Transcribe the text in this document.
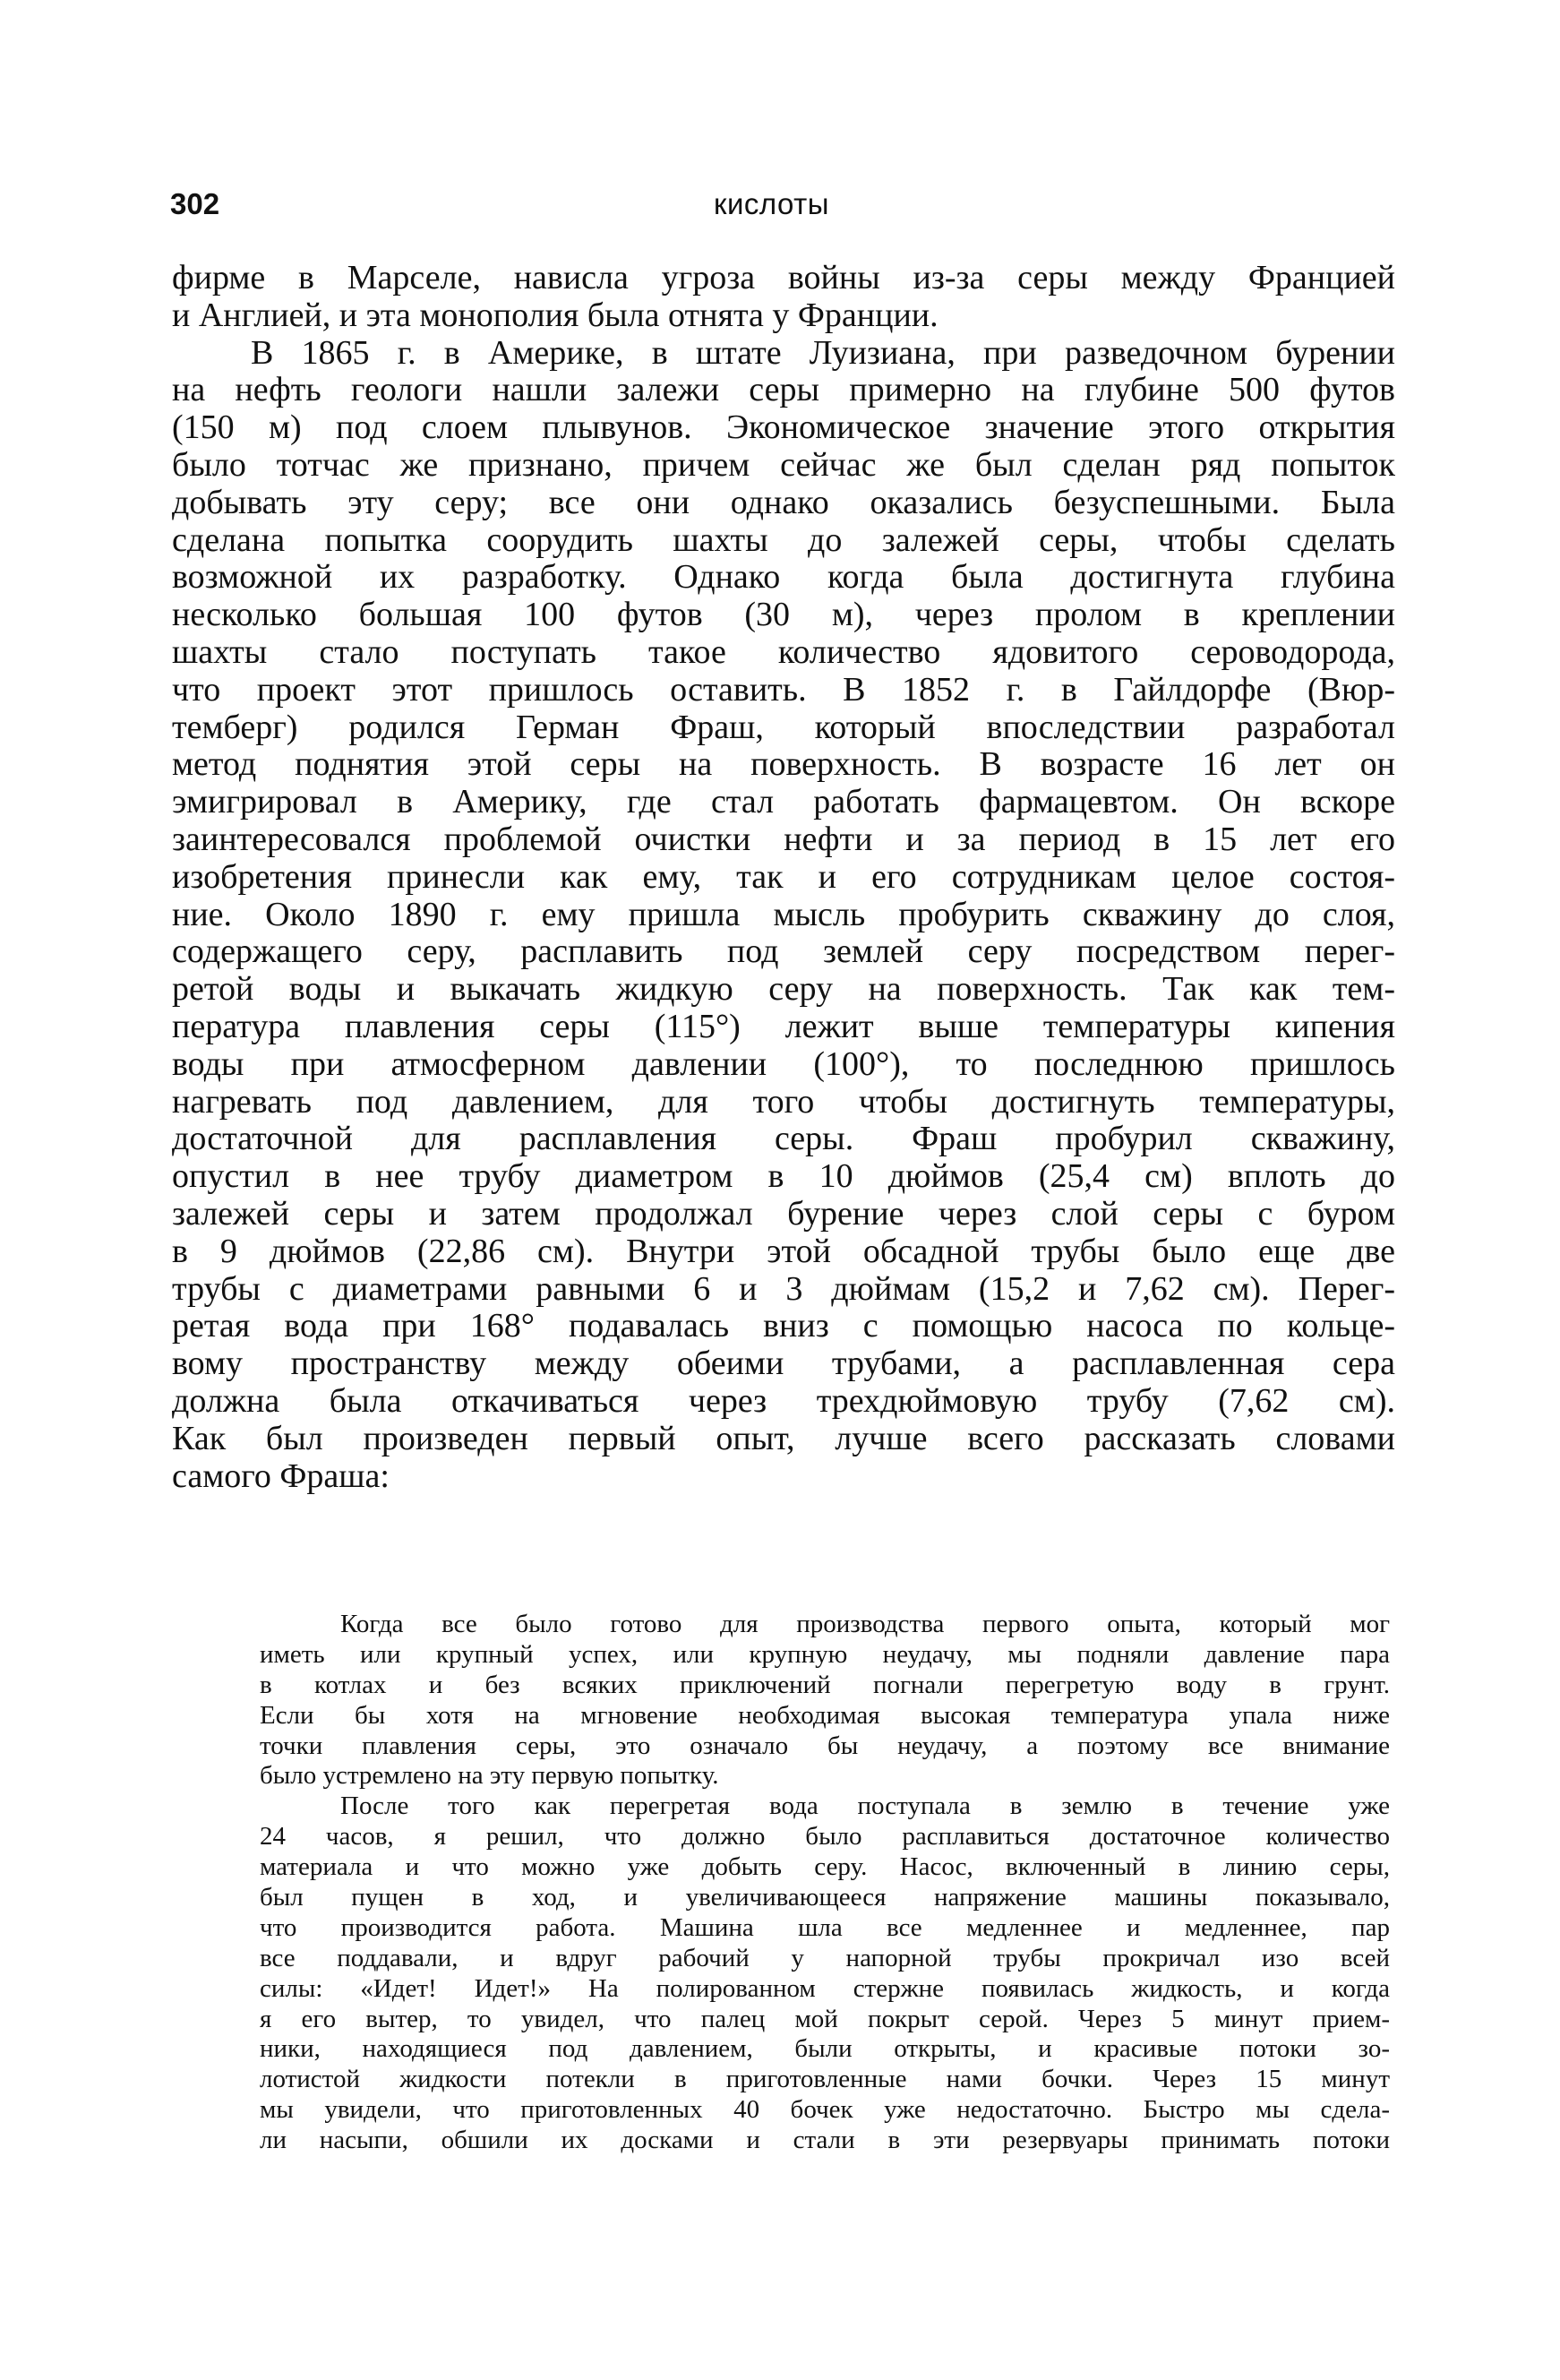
302	кислоты
фирме в Марселе, нависла угроза войны из-за серы между Францией
и Англией, и эта монополия была отнята у Франции.
В 1865 г. в Америке, в штате Луизиана, при разведочном бурении
на нефть геологи нашли залежи серы примерно на глубине 500 футов
(150 м) под слоем плывунов. Экономическое значение этого открытия
было тотчас же признано, причем сейчас же был сделан ряд попыток
добывать эту серу; все они однако оказались безуспешными. Была
сделана попытка соорудить шахты до залежей серы, чтобы сделать
возможной их разработку. Однако когда была достигнута глубина
несколько большая 100 футов (30 м), через пролом в креплении
шахты стало поступать такое количество ядовитого сероводорода,
что проект этот пришлось оставить. В 1852 г. в Гайлдорфе (Вюр-
темберг) родился Герман Фраш, который впоследствии разработал
метод поднятия этой серы на поверхность. В возрасте 16 лет он
эмигрировал в Америку, где стал работать фармацевтом. Он вскоре
заинтересовался проблемой очистки нефти и за период в 15 лет его
изобретения принесли как ему, так и его сотрудникам целое состоя-
ние. Около 1890 г. ему пришла мысль пробурить скважину до слоя,
содержащего серу, расплавить под землей серу посредством перег-
ретой воды и выкачать жидкую серу на поверхность. Так как тем-
пература плавления серы (115°) лежит выше температуры кипения
воды при атмосферном давлении (100°), то последнюю пришлось
нагревать под давлением, для того чтобы достигнуть температуры,
достаточной для расплавления серы. Фраш пробурил скважину,
опустил в нее трубу диаметром в 10 дюймов (25,4 см) вплоть до
залежей серы и затем продолжал бурение через слой серы с буром
в 9 дюймов (22,86 см). Внутри этой обсадной трубы было еще две
трубы с диаметрами равными 6 и 3 дюймам (15,2 и 7,62 см). Перег-
ретая вода при 168° подавалась вниз с помощью насоса по кольце-
вому пространству между обеими трубами, а расплавленная сера
должна была откачиваться через трехдюймовую трубу (7,62 см).
Как был произведен первый опыт, лучше всего рассказать словами
самого Фраша:
Когда все было готово для производства первого опыта, который мог
иметь или крупный успех, или крупную неудачу, мы подняли давление пара
в котлах и без всяких приключений погнали перегретую воду в грунт.
Если бы хотя на мгновение необходимая высокая температура упала ниже
точки плавления серы, это означало бы неудачу, а поэтому все внимание
было устремлено на эту первую попытку.
После того как перегретая вода поступала в землю в течение уже
24 часов, я решил, что должно было расплавиться достаточное количество
материала и что можно уже добыть серу. Насос, включенный в линию серы,
был пущен в ход, и увеличивающееся напряжение машины показывало,
что производится работа. Машина шла все медленнее и медленнее, пар
все поддавали, и вдруг рабочий у напорной трубы прокричал изо всей
силы: «Идет! Идет!» На полированном стержне появилась жидкость, и когда
я его вытер, то увидел, что палец мой покрыт серой. Через 5 минут прием-
ники, находящиеся под давлением, были открыты, и красивые потоки зо-
лотистой жидкости потекли в приготовленные нами бочки. Через 15 минут
мы увидели, что приготовленных 40 бочек уже недостаточно. Быстро мы сдела-
ли насыпи, обшили их досками и стали в эти резервуары принимать потоки
